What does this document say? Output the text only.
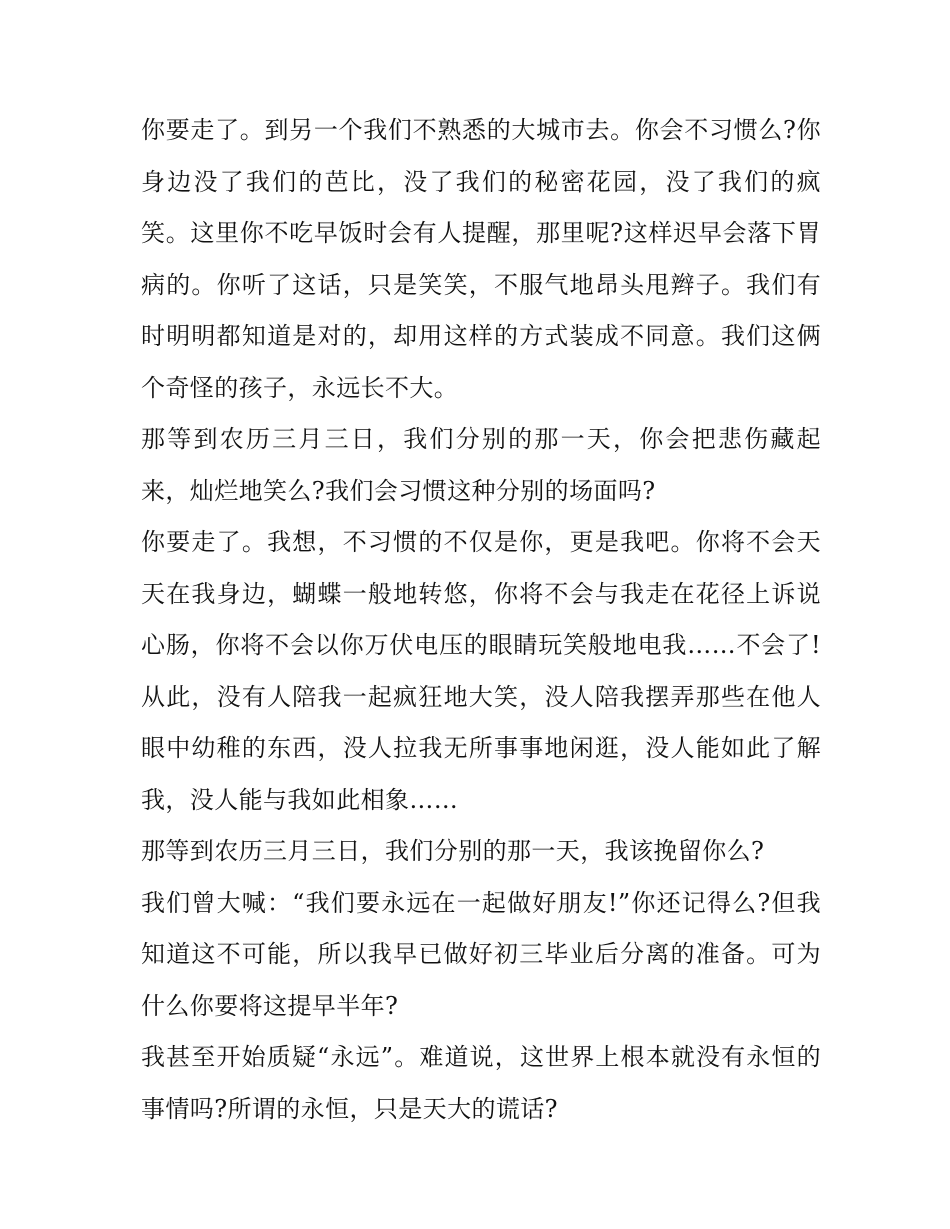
你要走了。到另一个我们不熟悉的大城市去。你会不习惯么?你身边没了我们的芭比，没了我们的秘密花园，没了我们的疯笑。这里你不吃早饭时会有人提醒，那里呢?这样迟早会落下胃病的。你听了这话，只是笑笑，不服气地昂头甩辫子。我们有时明明都知道是对的，却用这样的方式装成不同意。我们这俩个奇怪的孩子，永远长不大。

那等到农历三月三日，我们分别的那一天，你会把悲伤藏起来，灿烂地笑么?我们会习惯这种分别的场面吗?

你要走了。我想，不习惯的不仅是你，更是我吧。你将不会天天在我身边，蝴蝶一般地转悠，你将不会与我走在花径上诉说心肠，你将不会以你万伏电压的眼睛玩笑般地电我……不会了!从此，没有人陪我一起疯狂地大笑，没人陪我摆弄那些在他人眼中幼稚的东西，没人拉我无所事事地闲逛，没人能如此了解我，没人能与我如此相象……

那等到农历三月三日，我们分别的那一天，我该挽留你么?

我们曾大喊：“我们要永远在一起做好朋友!”你还记得么?但我知道这不可能，所以我早已做好初三毕业后分离的准备。可为什么你要将这提早半年?

我甚至开始质疑“永远”。难道说，这世界上根本就没有永恒的事情吗?所谓的永恒，只是天大的谎话?
